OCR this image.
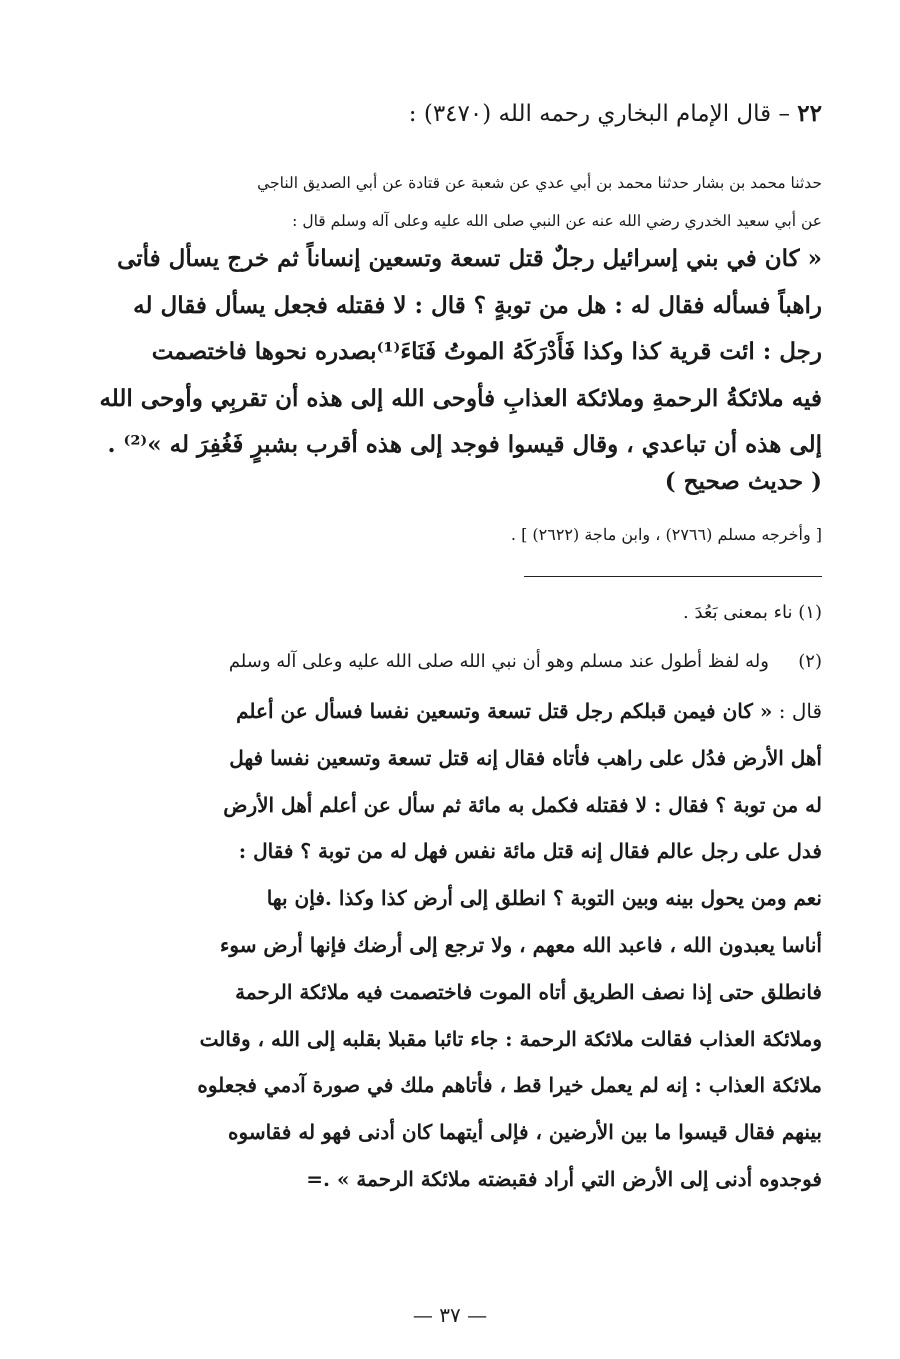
٢٢ – قال الإمام البخاري رحمه الله (٣٤٧٠) :
حدثنا محمد بن بشار حدثنا محمد بن أبي عدي عن شعبة عن قتادة عن أبي الصديق الناجي
عن أبي سعيد الخدري رضي الله عنه عن النبي صلى الله عليه وعلى آله وسلم قال :
« كان في بني إسرائيل رجلٌ قتل تسعة وتسعين إنساناً ثم خرج يسأل فأتى
راهباً فسأله فقال له : هل من توبةٍ ؟ قال : لا فقتله فجعل يسأل فقال له
رجل : ائت قرية كذا وكذا فَأَدْرَكَهُ الموتُ فَنَاءَ⁽¹⁾بصدره نحوها فاختصمت
فيه ملائكةُ الرحمةِ وملائكة العذابِ فأوحى الله إلى هذه أن تقربِي وأوحى الله
إلى هذه أن تباعدي ، وقال قيسوا فوجد إلى هذه أقرب بشبرٍ فَغُفِرَ له »⁽²⁾ .
( حديث صحيح )
[ وأخرجه مسلم (٢٧٦٦) ، وابن ماجة (٢٦٢٢) ] .
(١) ناء بمعنى بَعُدَ .
(٢)
وله لفظ أطول عند مسلم وهو أن نبي الله صلى الله عليه وعلى آله وسلم
قال : « كان فيمن قبلكم رجل قتل تسعة وتسعين نفسا فسأل عن أعلم
أهل الأرض فدُل على راهب فأتاه فقال إنه قتل تسعة وتسعين نفسا فهل
له من توبة ؟ فقال : لا فقتله فكمل به مائة ثم سأل عن أعلم أهل الأرض
فدل على رجل عالم فقال إنه قتل مائة نفس فهل له من توبة ؟ فقال :
نعم ومن يحول بينه وبين التوبة ؟ انطلق إلى أرض كذا وكذا .فإن بها
أناسا يعبدون الله ، فاعبد الله معهم ، ولا ترجع إلى أرضك فإنها أرض سوء
فانطلق حتى إذا نصف الطريق أتاه الموت فاختصمت فيه ملائكة الرحمة
وملائكة العذاب فقالت ملائكة الرحمة : جاء تائبا مقبلا بقلبه إلى الله ، وقالت
ملائكة العذاب : إنه لم يعمل خيرا قط ، فأتاهم ملك في صورة آدمي فجعلوه
بينهم فقال قيسوا ما بين الأرضين ، فإلى أيتهما كان أدنى فهو له فقاسوه
فوجدوه أدنى إلى الأرض التي أراد فقبضته ملائكة الرحمة » .=
— ٣٧ —
